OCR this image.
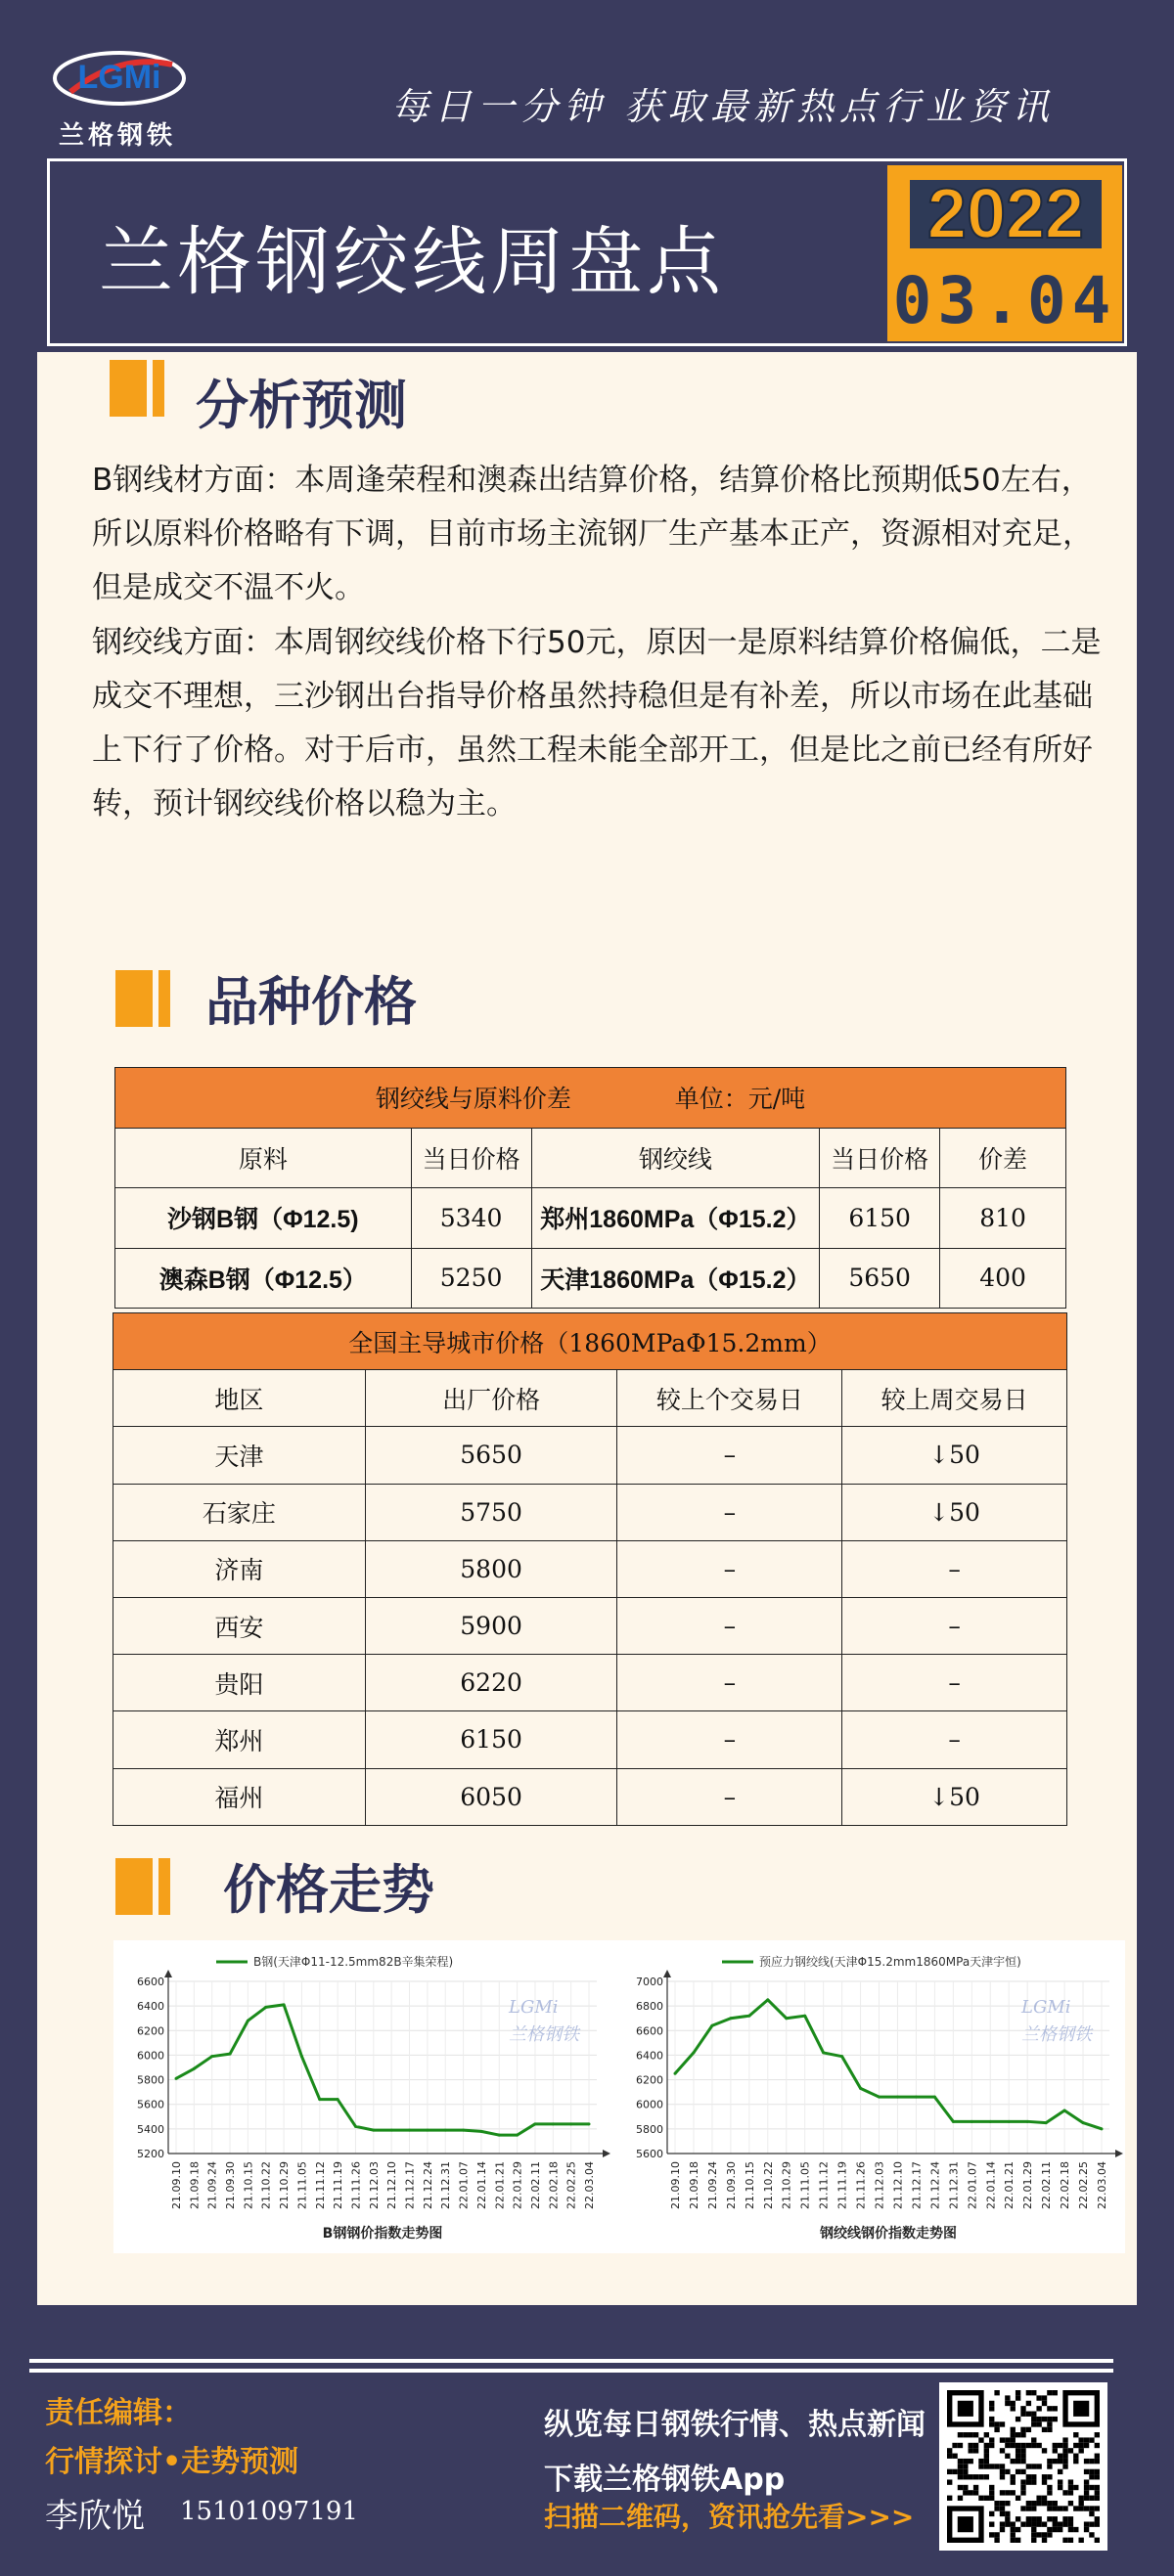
LGMi
兰格钢铁
每日一分钟 获取最新热点行业资讯
兰格钢绞线周盘点
2022
03.04
分析预测
B钢线材方面：本周逢荣程和澳森出结算价格，结算价格比预期低50左右，所以原料价格略有下调，目前市场主流钢厂生产基本正产，资源相对充足，但是成交不温不火。
钢绞线方面：本周钢绞线价格下行50元，原因一是原料结算价格偏低，二是成交不理想，三沙钢出台指导价格虽然持稳但是有补差，所以市场在此基础上下行了价格。对于后市，虽然工程未能全部开工，但是比之前已经有所好转，预计钢绞线价格以稳为主。
品种价格
钢绞线与原料价差 单位：元/吨				
原料	当日价格	钢绞线	当日价格	价差
沙钢B钢（Φ12.5)	5340	郑州1860MPa（Φ15.2）	6150	810
澳森B钢（Φ12.5）	5250	天津1860MPa（Φ15.2）	5650	400
全国主导城市价格（1860MPaΦ15.2mm）			
地区	出厂价格	较上个交易日	较上周交易日
天津	5650	–	↓50
石家庄	5750	–	↓50
济南	5800	–	–
西安	5900	–	–
贵阳	6220	–	–
郑州	6150	–	–
福州	6050	–	↓50
价格走势
B钢(天津Φ11-12.5mm82B辛集荣程)
5200
5400
5600
5800
6000
6200
6400
6600
21.09.10 21.09.18 21.09.24 21.09.30 21.10.15 21.10.22 21.10.29 21.11.05 21.11.12 21.11.19 21.11.26 21.12.03 21.12.10 21.12.17 21.12.24 21.12.31 22.01.07 22.01.14 22.01.21 22.01.29 22.02.11 22.02.18 22.02.25 22.03.04
LGMi
兰格钢铁
B钢钢价指数走势图
预应力钢绞线(天津Φ15.2mm1860MPa天津宇恒)
5600
5800
6000
6200
6400
6600
6800
7000
21.09.10 21.09.18 21.09.24 21.09.30 21.10.15 21.10.22 21.10.29 21.11.05 21.11.12 21.11.19 21.11.26 21.12.03 21.12.10 21.12.17 21.12.24 21.12.31 22.01.07 22.01.14 22.01.21 22.01.29 22.02.11 22.02.18 22.02.25 22.03.04
LGMi
兰格钢铁
钢绞线钢价指数走势图
责任编辑：
行情探讨•走势预测
李欣悦 15101097191
纵览每日钢铁行情、热点新闻
下载兰格钢铁App
扫描二维码，资讯抢先看>>>
